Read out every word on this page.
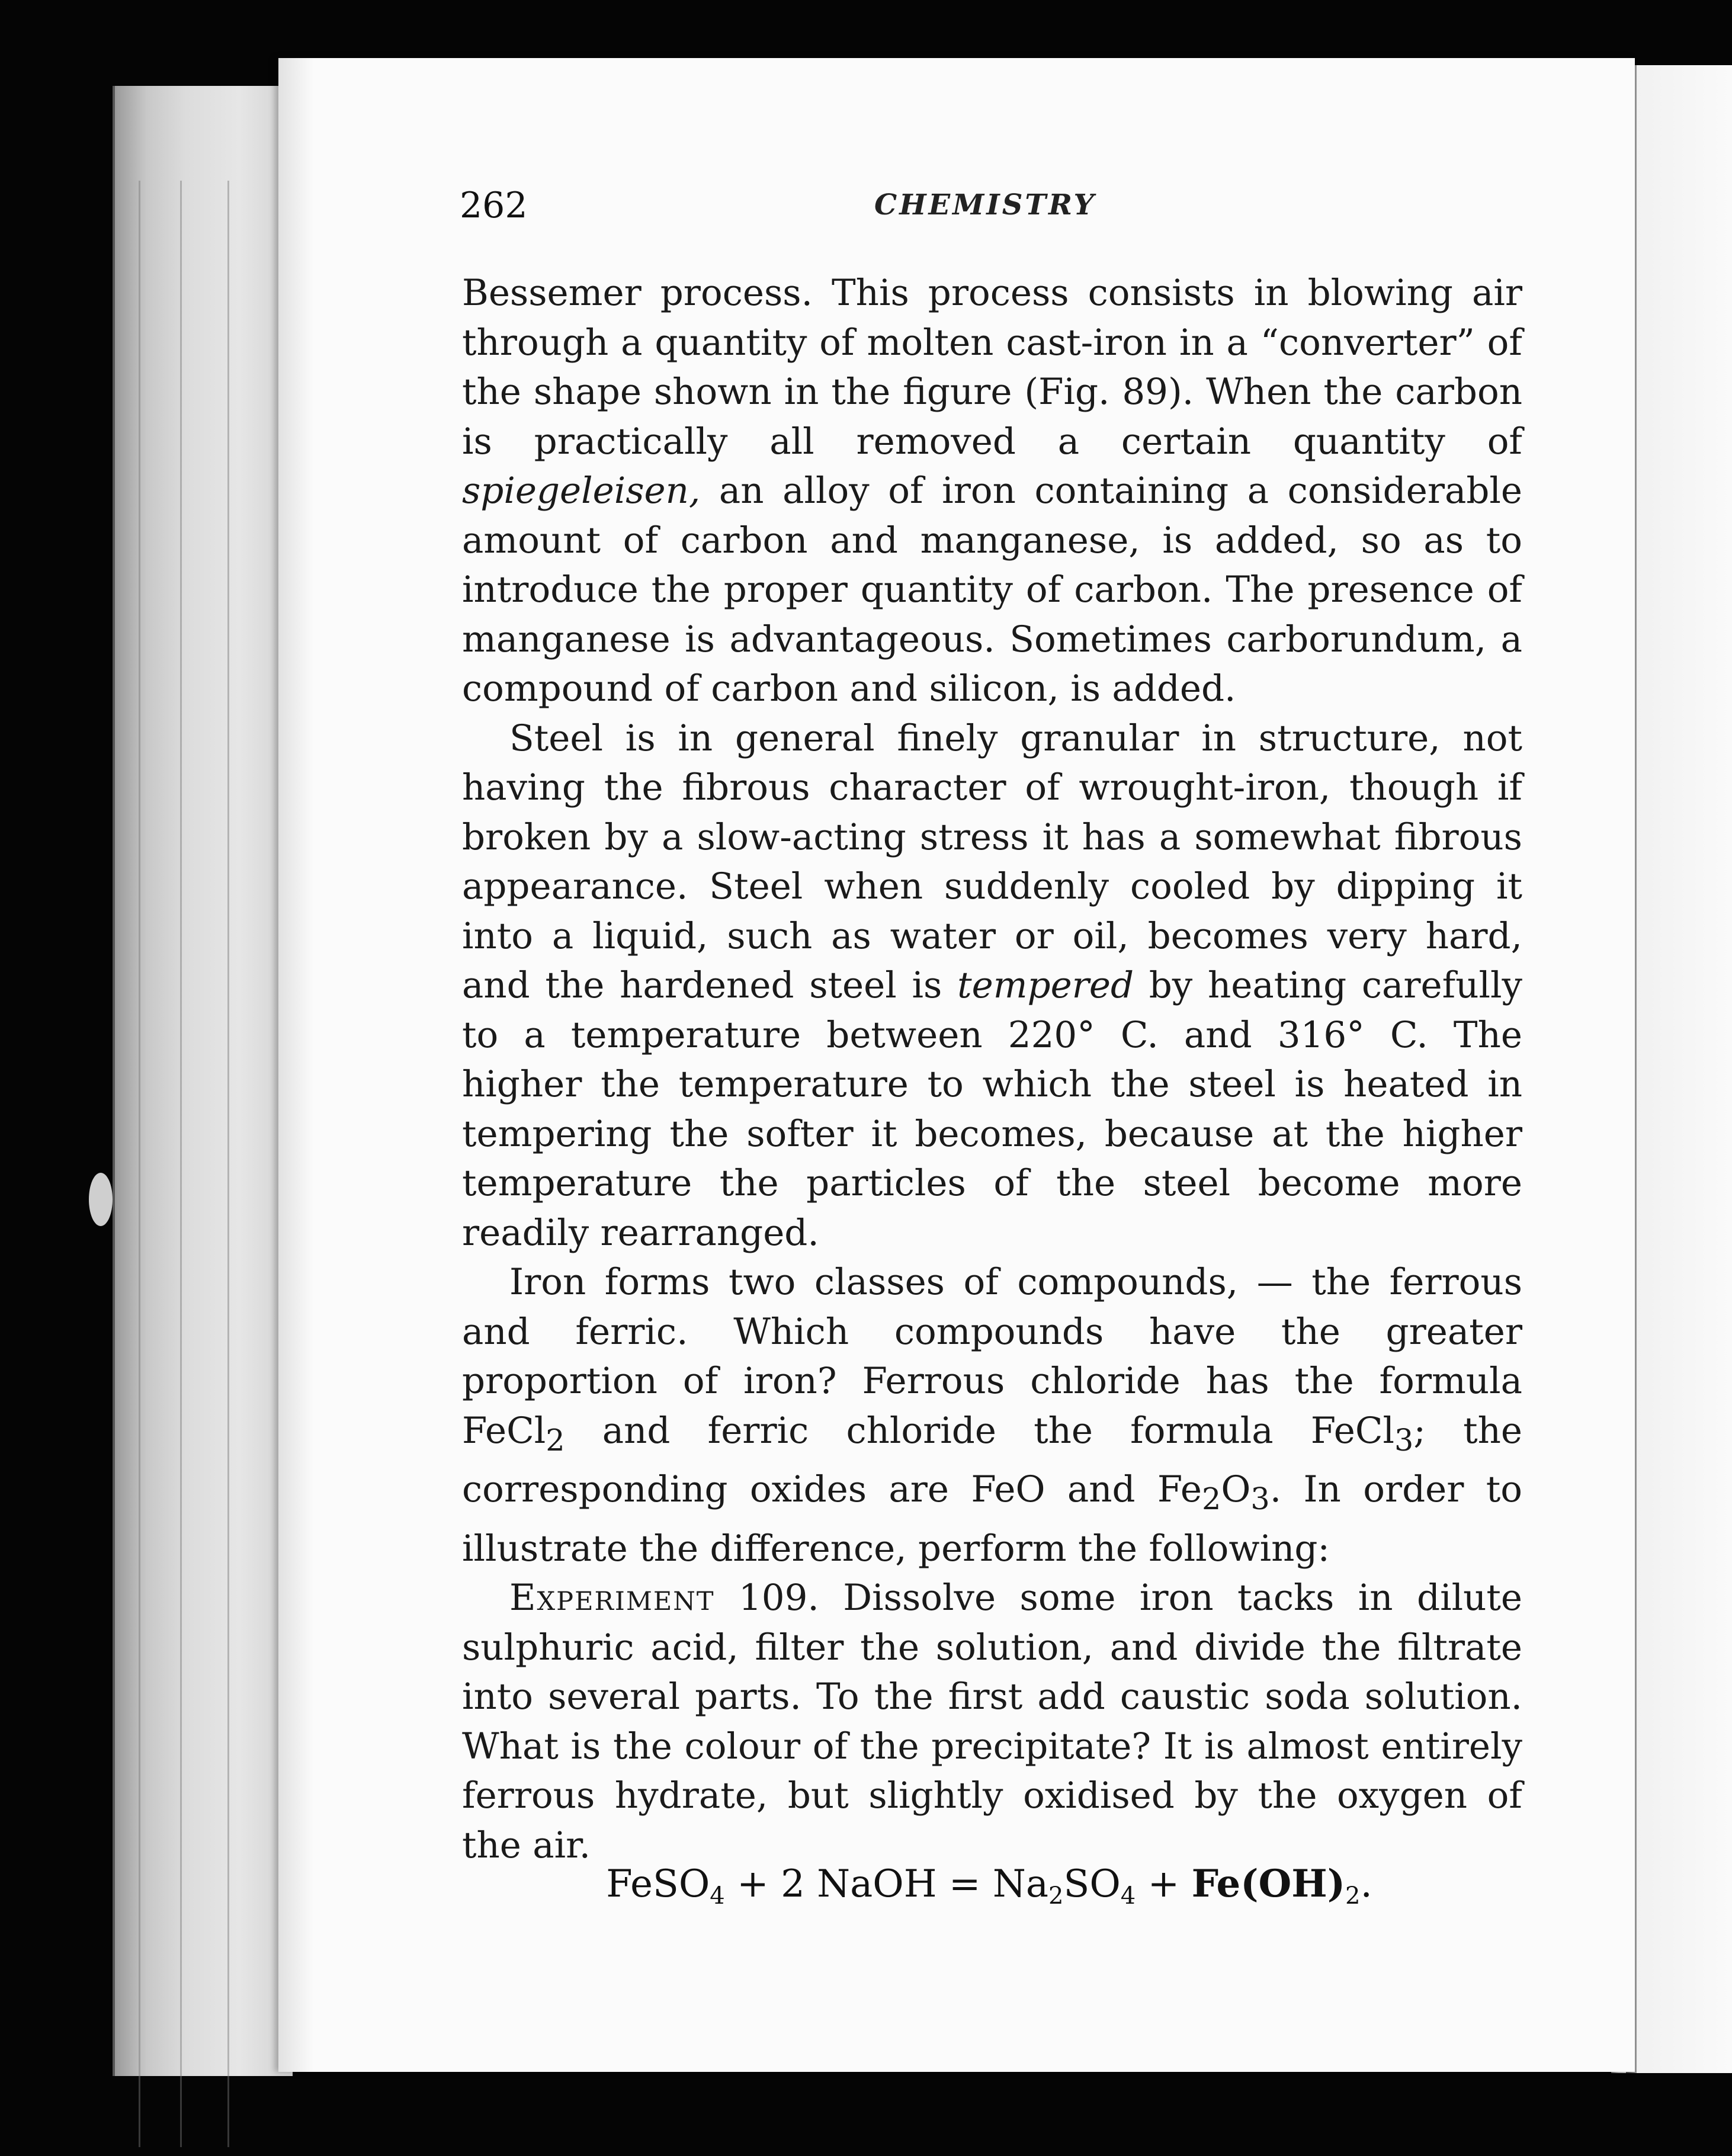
262	CHEMISTRY

Bessemer process. This process consists in blowing air through a quantity of molten cast-iron in a “converter” of the shape shown in the figure (Fig. 89). When the carbon is practically all removed a certain quantity of spiegeleisen, an alloy of iron containing a considerable amount of carbon and manganese, is added, so as to introduce the proper quantity of carbon. The presence of manganese is advantageous. Sometimes carborundum, a compound of carbon and silicon, is added.

Steel is in general finely granular in structure, not having the fibrous character of wrought-iron, though if broken by a slow-acting stress it has a somewhat fibrous appearance. Steel when suddenly cooled by dipping it into a liquid, such as water or oil, becomes very hard, and the hardened steel is tempered by heating carefully to a temperature between 220° C. and 316° C. The higher the temperature to which the steel is heated in tempering the softer it becomes, because at the higher temperature the particles of the steel become more readily rearranged.

Iron forms two classes of compounds, — the ferrous and ferric. Which compounds have the greater proportion of iron? Ferrous chloride has the formula FeCl$_2$ and ferric chloride the formula FeCl$_3$; the corresponding oxides are FeO and $Fe_2O_3$. In order to illustrate the difference, perform the following:

Experiment 109. Dissolve some iron tacks in dilute sulphuric acid, filter the solution, and divide the filtrate into several parts. To the first add caustic soda solution. What is the colour of the precipitate? It is almost entirely ferrous hydrate, but slightly oxidised by the oxygen of the air.

FeSO$_4$ + 2 NaOH = $Na_2SO_4 + Fe(OH)_2$.
